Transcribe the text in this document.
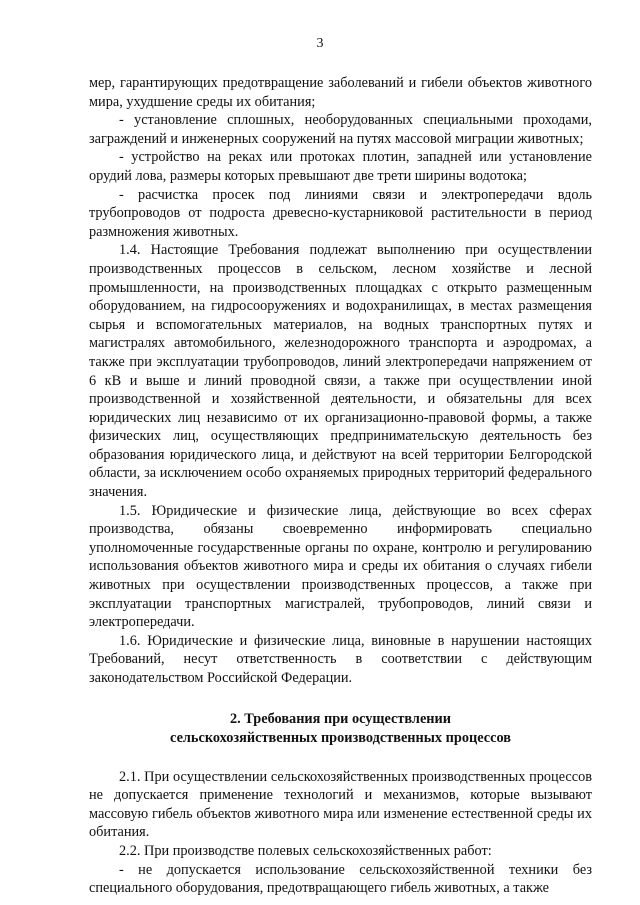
3

мер, гарантирующих предотвращение заболеваний и гибели объектов животного мира, ухудшение среды их обитания;

- установление сплошных, необорудованных специальными проходами, заграждений и инженерных сооружений на путях массовой миграции животных;

- устройство на реках или протоках плотин, западней или установление орудий лова, размеры которых превышают две трети ширины водотока;

- расчистка просек под линиями связи и электропередачи вдоль трубопроводов от подроста древесно-кустарниковой растительности в период размножения животных.

1.4. Настоящие Требования подлежат выполнению при осуществлении производственных процессов в сельском, лесном хозяйстве и лесной промышленности, на производственных площадках с открыто размещенным оборудованием, на гидросооружениях и водохранилищах, в местах размещения сырья и вспомогательных материалов, на водных транспортных путях и магистралях автомобильного, железнодорожного транспорта и аэродромах, а также при эксплуатации трубопроводов, линий электропередачи напряжением от 6 кВ и выше и линий проводной связи, а также при осуществлении иной производственной и хозяйственной деятельности, и обязательны для всех юридических лиц независимо от их организационно-правовой формы, а также физических лиц, осуществляющих предпринимательскую деятельность без образования юридического лица, и действуют на всей территории Белгородской области, за исключением особо охраняемых природных территорий федерального значения.

1.5. Юридические и физические лица, действующие во всех сферах производства, обязаны своевременно информировать специально уполномоченные государственные органы по охране, контролю и регулированию использования объектов животного мира и среды их обитания о случаях гибели животных при осуществлении производственных процессов, а также при эксплуатации транспортных магистралей, трубопроводов, линий связи и электропередачи.

1.6. Юридические и физические лица, виновные в нарушении настоящих Требований, несут ответственность в соответствии с действующим законодательством Российской Федерации.

2. Требования при осуществлении
сельскохозяйственных производственных процессов

2.1. При осуществлении сельскохозяйственных производственных процессов не допускается применение технологий и механизмов, которые вызывают массовую гибель объектов животного мира или изменение естественной среды их обитания.

2.2. При производстве полевых сельскохозяйственных работ:

- не допускается использование сельскохозяйственной техники без специального оборудования, предотвращающего гибель животных, а также
